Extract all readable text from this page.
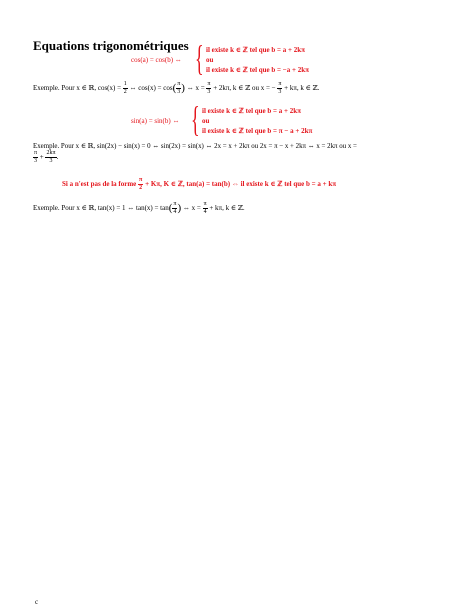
Equations trigonométriques
cos(a) = cos(b) ⇔ { il existe k ∈ ℤ tel que b = a + 2kπ
ou
il existe k ∈ ℤ tel que b = −a + 2kπ
Exemple. Pour x ∈ ℝ, $\cos(x) = \frac{1}{2}$ ⇔ $\cos(x) = \cos( \frac{\pi}{3}$ ) ⇔ $x = \frac{\pi}{3} + 2k\pi$, k ∈ ℤ ou x = − $\frac{\pi}{3} + k\pi$, k ∈ ℤ.
sin(a) = sin(b) ⇔ { il existe k ∈ ℤ tel que b = a + 2kπ
ou
il existe k ∈ ℤ tel que b = π − a + 2kπ
Exemple. Pour x ∈ ℝ, sin(2x) − sin(x) = 0 ⇔ sin(2x) = sin(x) ⇔ 2x = x + 2kπ ou 2x = π − x + 2kπ ⇔ x = 2kπ ou x =
$\frac{\pi}{3} + \frac{2k\pi}{3}$ .
Si a n'est pas de la forme $\frac{\pi}{2} + K\pi$, K ∈ ℤ, tan(a) = tan(b) ⇔ il existe k ∈ ℤ tel que b = a + kπ
Exemple. Pour x ∈ ℝ, tan(x) = 1 ⇔ $\tan(x) = \tan( \frac{\pi}{4}$ ) ⇔ $x = \frac{\pi}{4} + k\pi$, k ∈ ℤ.
c
